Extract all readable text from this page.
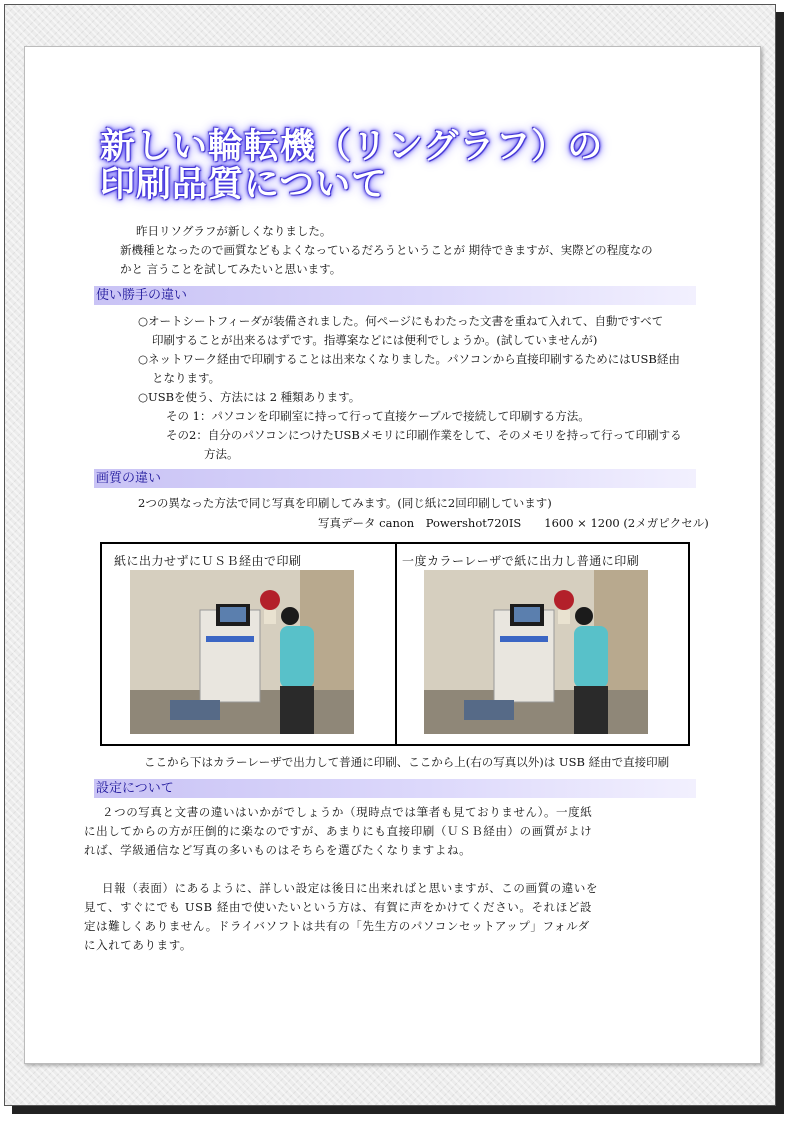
新しい輪転機（リングラフ）の
印刷品質について
昨日リソグラフが新しくなりました。
新機種となったので画質などもよくなっているだろうということが 期待できますが、実際どの程度なの
かと 言うことを試してみたいと思います。
使い勝手の違い
○オートシートフィーダが装備されました。何ページにもわたった文書を重ねて入れて、自動ですべて
印刷することが出来るはずです。指導案などには便利でしょうか。(試していませんが)
○ネットワーク経由で印刷することは出来なくなりました。パソコンから直接印刷するためにはUSB経由
となります。
○USBを使う、方法には 2 種類あります。
その 1：パソコンを印刷室に持って行って直接ケーブルで接続して印刷する方法。
その2：自分のパソコンにつけたUSBメモリに印刷作業をして、そのメモリを持って行って印刷する
方法。
画質の違い
2つの異なった方法で同じ写真を印刷してみます。(同じ紙に2回印刷しています)
写真データ canon　Powershot720IS　　1600 × 1200 (2メガピクセル)
紙に出力せずにＵＳＢ経由で印刷	一度カラーレーザで紙に出力し普通に印刷
ここから下はカラーレーザで出力して普通に印刷、ここから上(右の写真以外)は USB 経由で直接印刷
設定について
２つの写真と文書の違いはいかがでしょうか（現時点では筆者も見ておりません）。一度紙
に出してからの方が圧倒的に楽なのですが、あまりにも直接印刷（ＵＳＢ経由）の画質がよけ
れば、学級通信など写真の多いものはそちらを選びたくなりますよね。
日報（表面）にあるように、詳しい設定は後日に出来ればと思いますが、この画質の違いを
見て、すぐにでも USB 経由で使いたいという方は、有賀に声をかけてください。それほど設
定は難しくありません。ドライバソフトは共有の「先生方のパソコンセットアップ」フォルダ
に入れてあります。
